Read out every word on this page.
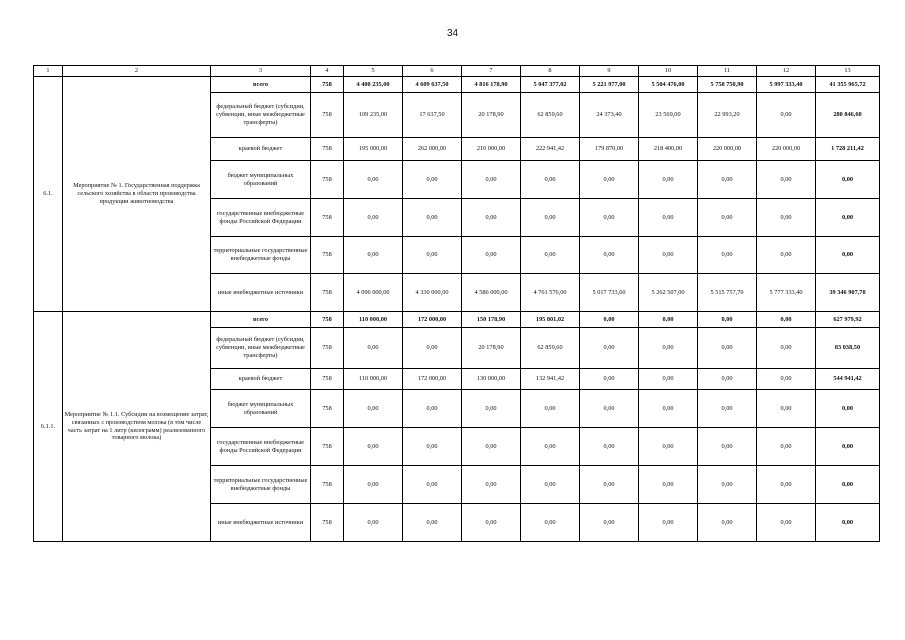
34
1	2	3	4	5	6	7	8	9	10	11	12	13
6.1.	Мероприятие № 1. Государственная поддержка сельского хозяйства в области производства продукции животноводства	всего	758	4 400 235,00	4 609 637,50	4 816 178,90	5 047 377,02	5 221 977,00	5 504 476,00	5 758 750,90	5 997 333,40	41 355 965,72
		федеральный бюджет (субсидии, субвенции, иные межбюджетные трансферты)	758	109 235,00	17 637,50	20 178,90	62 859,60	24 373,40	23 569,00	22 993,20	0,00	280 846,60
		краевой бюджет	758	195 000,00	262 000,00	210 000,00	222 941,42	179 870,00	218 400,00	220 000,00	220 000,00	1 728 211,42
		бюджет муниципальных образований	758	0,00	0,00	0,00	0,00	0,00	0,00	0,00	0,00	0,00
		государственные внебюджетные фонды Российской Федерации	758	0,00	0,00	0,00	0,00	0,00	0,00	0,00	0,00	0,00
		территориальные государственные внебюджетные фонды	758	0,00	0,00	0,00	0,00	0,00	0,00	0,00	0,00	0,00
		иные внебюджетные источники	758	4 096 000,00	4 330 000,00	4 586 000,00	4 761 576,00	5 017 733,60	5 262 507,00	5 515 757,70	5 777 333,40	39 346 907,70
6.1.1.	Мероприятие № 1.1. Субсидии на возмещение затрат, связанных с производством молока (в том числе часть затрат на 1 литр (килограмм) реализованного товарного молока)	всего	758	110 000,00	172 000,00	150 178,90	195 801,02	0,00	0,00	0,00	0,00	627 979,92
		федеральный бюджет (субсидии, субвенции, иные межбюджетные трансферты)	758	0,00	0,00	20 178,90	62 859,60	0,00	0,00	0,00	0,00	83 038,50
		краевой бюджет	758	110 000,00	172 000,00	130 000,00	132 941,42	0,00	0,00	0,00	0,00	544 941,42
		бюджет муниципальных образований	758	0,00	0,00	0,00	0,00	0,00	0,00	0,00	0,00	0,00
		государственные внебюджетные фонды Российской Федерации	758	0,00	0,00	0,00	0,00	0,00	0,00	0,00	0,00	0,00
		территориальные государственные внебюджетные фонды	758	0,00	0,00	0,00	0,00	0,00	0,00	0,00	0,00	0,00
		иные внебюджетные источники	758	0,00	0,00	0,00	0,00	0,00	0,00	0,00	0,00	0,00
